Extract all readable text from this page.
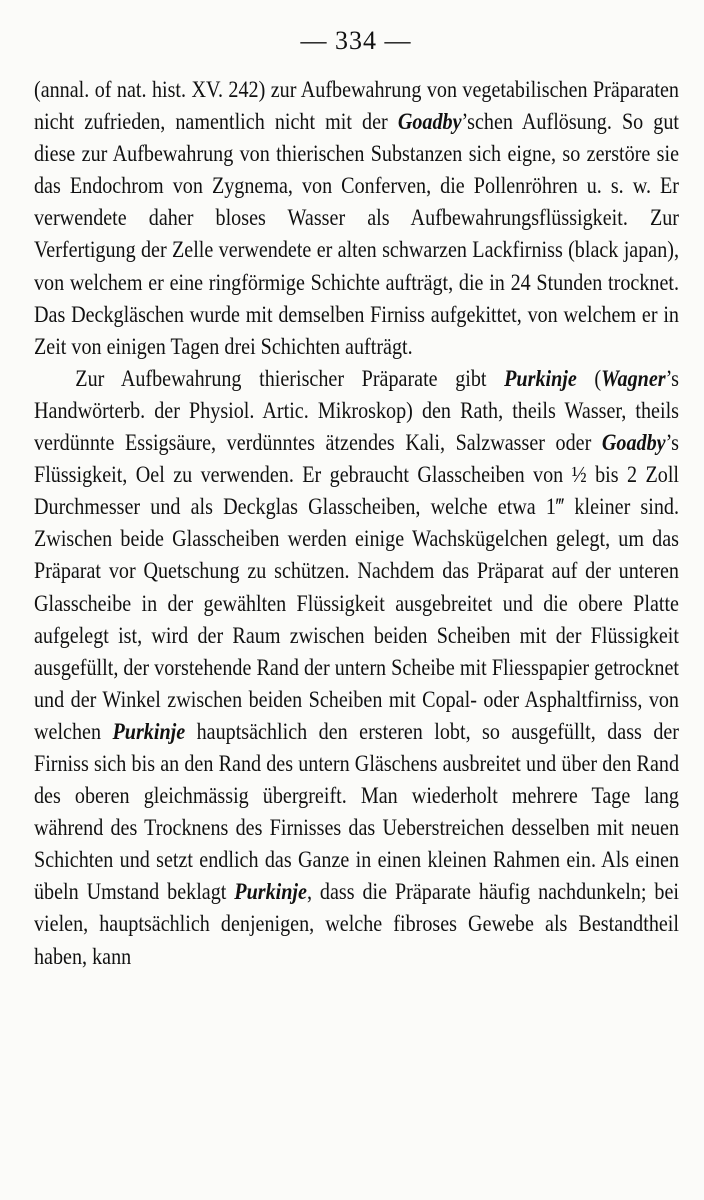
— 334 —

(annal. of nat. hist. XV. 242) zur Aufbewahrung von vegetabilischen Präparaten nicht zufrieden, namentlich nicht mit der Goadby’schen Auflösung. So gut diese zur Aufbewahrung von thierischen Substanzen sich eigne, so zerstöre sie das Endochrom von Zygnema, von Conferven, die Pollenröhren u. s. w. Er verwendete daher bloses Wasser als Aufbewahrungsflüssigkeit. Zur Verfertigung der Zelle verwendete er alten schwarzen Lackfirniss (black japan), von welchem er eine ringförmige Schichte aufträgt, die in 24 Stunden trocknet. Das Deckgläschen wurde mit demselben Firniss aufgekittet, von welchem er in Zeit von einigen Tagen drei Schichten aufträgt.

Zur Aufbewahrung thierischer Präparate gibt Purkinje (Wagner’s Handwörterb. der Physiol. Artic. Mikroskop) den Rath, theils Wasser, theils verdünnte Essigsäure, verdünntes ätzendes Kali, Salzwasser oder Goadby’s Flüssigkeit, Oel zu verwenden. Er gebraucht Glasscheiben von ½ bis 2 Zoll Durchmesser und als Deckglas Glasscheiben, welche etwa 1‴ kleiner sind. Zwischen beide Glasscheiben werden einige Wachskügelchen gelegt, um das Präparat vor Quetschung zu schützen. Nachdem das Präparat auf der unteren Glasscheibe in der gewählten Flüssigkeit ausgebreitet und die obere Platte aufgelegt ist, wird der Raum zwischen beiden Scheiben mit der Flüssigkeit ausgefüllt, der vorstehende Rand der untern Scheibe mit Fliesspapier getrocknet und der Winkel zwischen beiden Scheiben mit Copal- oder Asphaltfirniss, von welchen Purkinje hauptsächlich den ersteren lobt, so ausgefüllt, dass der Firniss sich bis an den Rand des untern Gläschens ausbreitet und über den Rand des oberen gleichmässig übergreift. Man wiederholt mehrere Tage lang während des Trocknens des Firnisses das Ueberstreichen desselben mit neuen Schichten und setzt endlich das Ganze in einen kleinen Rahmen ein. Als einen übeln Umstand beklagt Purkinje, dass die Präparate häufig nachdunkeln; bei vielen, hauptsächlich denjenigen, welche fibroses Gewebe als Bestandtheil haben, kann
